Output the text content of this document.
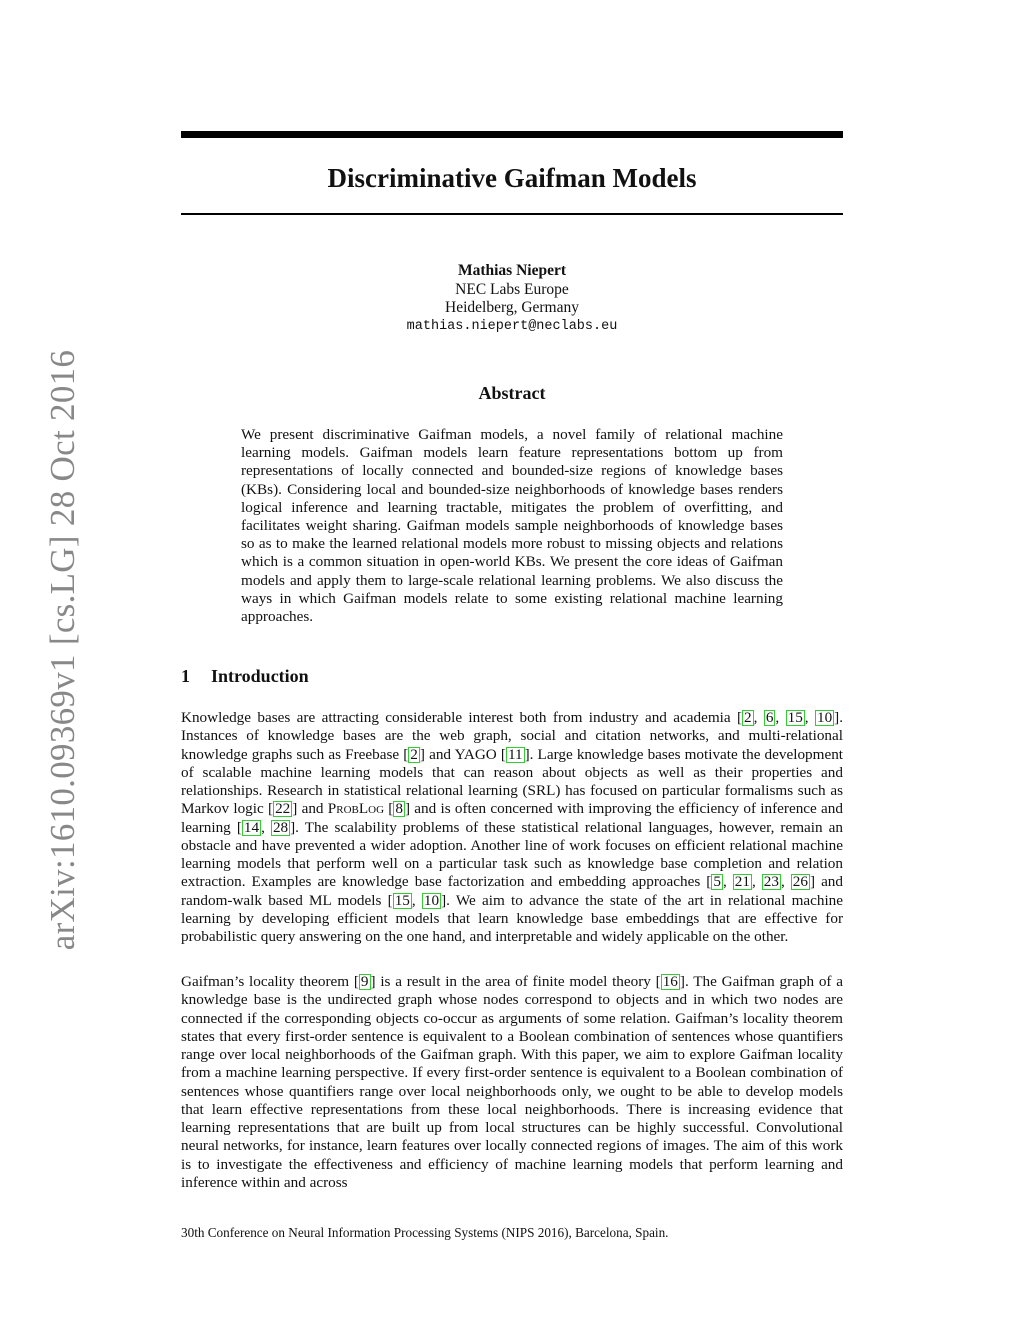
arXiv:1610.09369v1 [cs.LG] 28 Oct 2016
Discriminative Gaifman Models
Mathias Niepert
NEC Labs Europe
Heidelberg, Germany
mathias.niepert@neclabs.eu
Abstract

We present discriminative Gaifman models, a novel family of relational machine learning models. Gaifman models learn feature representations bottom up from representations of locally connected and bounded-size regions of knowledge bases (KBs). Considering local and bounded-size neighborhoods of knowledge bases renders logical inference and learning tractable, mitigates the problem of overfitting, and facilitates weight sharing. Gaifman models sample neighborhoods of knowledge bases so as to make the learned relational models more robust to missing objects and relations which is a common situation in open-world KBs. We present the core ideas of Gaifman models and apply them to large-scale relational learning problems. We also discuss the ways in which Gaifman models relate to some existing relational machine learning approaches.

1 Introduction

Knowledge bases are attracting considerable interest both from industry and academia [ 2 , 6 , 15 , 10 ]. Instances of knowledge bases are the web graph, social and citation networks, and multi-relational knowledge graphs such as Freebase [ 2 ] and YAGO [ 11 ]. Large knowledge bases motivate the development of scalable machine learning models that can reason about objects as well as their properties and relationships. Research in statistical relational learning (SRL) has focused on particular formalisms such as Markov logic [ 22 ] and ProbLog [ 8 ] and is often concerned with improving the efficiency of inference and learning [ 14 , 28 ]. The scalability problems of these statistical relational languages, however, remain an obstacle and have prevented a wider adoption. Another line of work focuses on efficient relational machine learning models that perform well on a particular task such as knowledge base completion and relation extraction. Examples are knowledge base factorization and embedding approaches [ 5 , 21 , 23 , 26 ] and random-walk based ML models [ 15 , 10 ]. We aim to advance the state of the art in relational machine learning by developing efficient models that learn knowledge base embeddings that are effective for probabilistic query answering on the one hand, and interpretable and widely applicable on the other.

Gaifman’s locality theorem [ 9 ] is a result in the area of finite model theory [ 16 ]. The Gaifman graph of a knowledge base is the undirected graph whose nodes correspond to objects and in which two nodes are connected if the corresponding objects co-occur as arguments of some relation. Gaifman’s locality theorem states that every first-order sentence is equivalent to a Boolean combination of sentences whose quantifiers range over local neighborhoods of the Gaifman graph. With this paper, we aim to explore Gaifman locality from a machine learning perspective. If every first-order sentence is equivalent to a Boolean combination of sentences whose quantifiers range over local neighborhoods only, we ought to be able to develop models that learn effective representations from these local neighborhoods. There is increasing evidence that learning representations that are built up from local structures can be highly successful. Convolutional neural networks, for instance, learn features over locally connected regions of images. The aim of this work is to investigate the effectiveness and efficiency of machine learning models that perform learning and inference within and across

30th Conference on Neural Information Processing Systems (NIPS 2016), Barcelona, Spain.
